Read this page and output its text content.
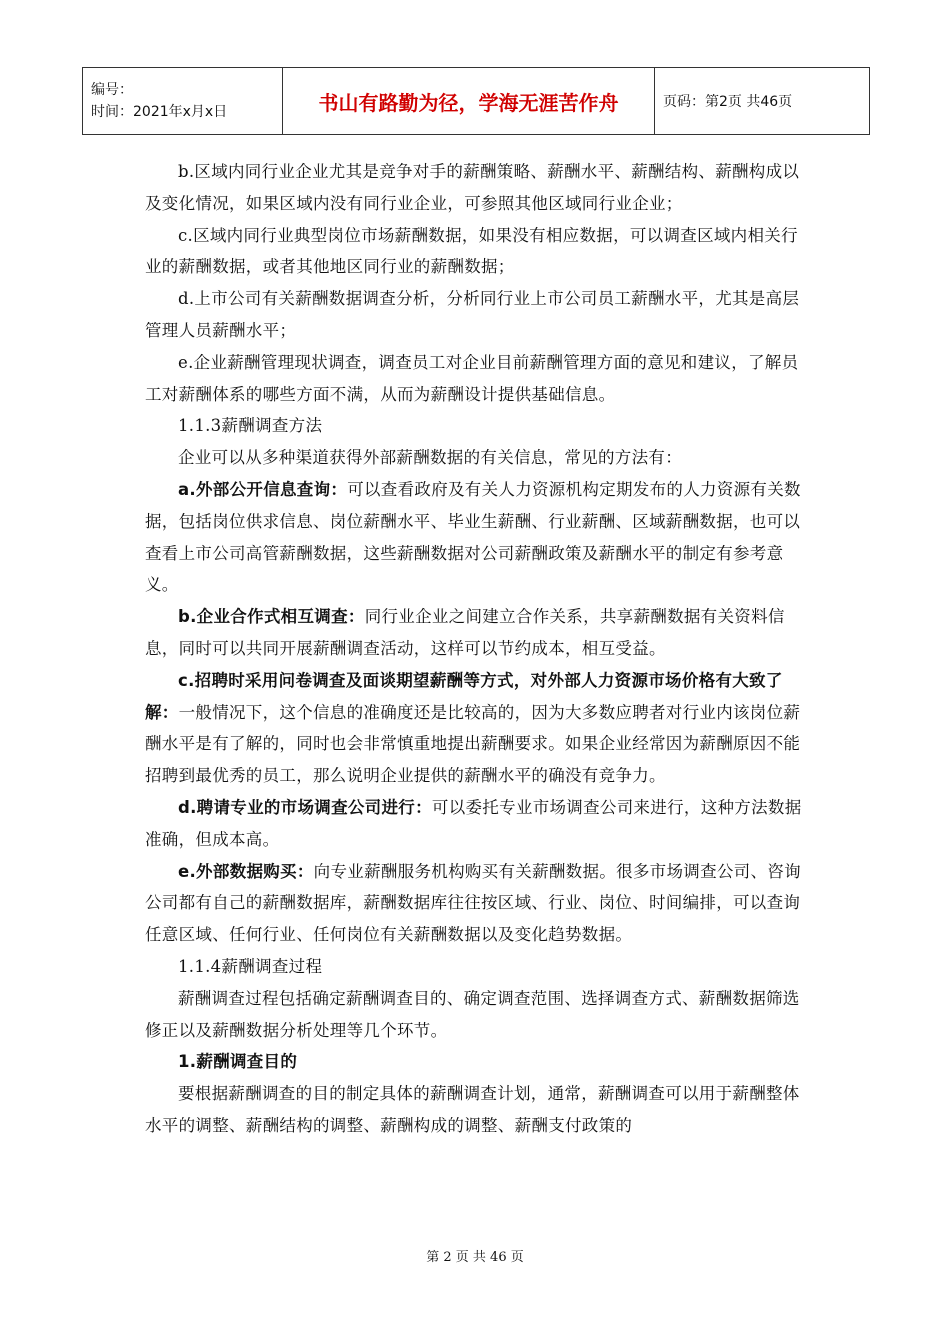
编号：
时间：2021年x月x日	书山有路勤为径，学海无涯苦作舟	页码：第2页 共46页

b.区域内同行业企业尤其是竞争对手的薪酬策略、薪酬水平、薪酬结构、薪酬构成以及变化情况，如果区域内没有同行业企业，可参照其他区域同行业企业；

c.区域内同行业典型岗位市场薪酬数据，如果没有相应数据，可以调查区域内相关行业的薪酬数据，或者其他地区同行业的薪酬数据；

d.上市公司有关薪酬数据调查分析，分析同行业上市公司员工薪酬水平，尤其是高层管理人员薪酬水平；

e.企业薪酬管理现状调查，调查员工对企业目前薪酬管理方面的意见和建议，了解员工对薪酬体系的哪些方面不满，从而为薪酬设计提供基础信息。

1.1.3薪酬调查方法

企业可以从多种渠道获得外部薪酬数据的有关信息，常见的方法有：

a.外部公开信息查询：可以查看政府及有关人力资源机构定期发布的人力资源有关数据，包括岗位供求信息、岗位薪酬水平、毕业生薪酬、行业薪酬、区域薪酬数据，也可以查看上市公司高管薪酬数据，这些薪酬数据对公司薪酬政策及薪酬水平的制定有参考意义。

b.企业合作式相互调查：同行业企业之间建立合作关系，共享薪酬数据有关资料信息，同时可以共同开展薪酬调查活动，这样可以节约成本，相互受益。

c.招聘时采用问卷调查及面谈期望薪酬等方式，对外部人力资源市场价格有大致了解：一般情况下，这个信息的准确度还是比较高的，因为大多数应聘者对行业内该岗位薪酬水平是有了解的，同时也会非常慎重地提出薪酬要求。如果企业经常因为薪酬原因不能招聘到最优秀的员工，那么说明企业提供的薪酬水平的确没有竞争力。

d.聘请专业的市场调查公司进行：可以委托专业市场调查公司来进行，这种方法数据准确，但成本高。

e.外部数据购买：向专业薪酬服务机构购买有关薪酬数据。很多市场调查公司、咨询公司都有自己的薪酬数据库，薪酬数据库往往按区域、行业、岗位、时间编排，可以查询任意区域、任何行业、任何岗位有关薪酬数据以及变化趋势数据。

1.1.4薪酬调查过程

薪酬调查过程包括确定薪酬调查目的、确定调查范围、选择调查方式、薪酬数据筛选修正以及薪酬数据分析处理等几个环节。

1.薪酬调查目的

要根据薪酬调查的目的制定具体的薪酬调查计划，通常，薪酬调查可以用于薪酬整体水平的调整、薪酬结构的调整、薪酬构成的调整、薪酬支付政策的

第 2 页 共 46 页
